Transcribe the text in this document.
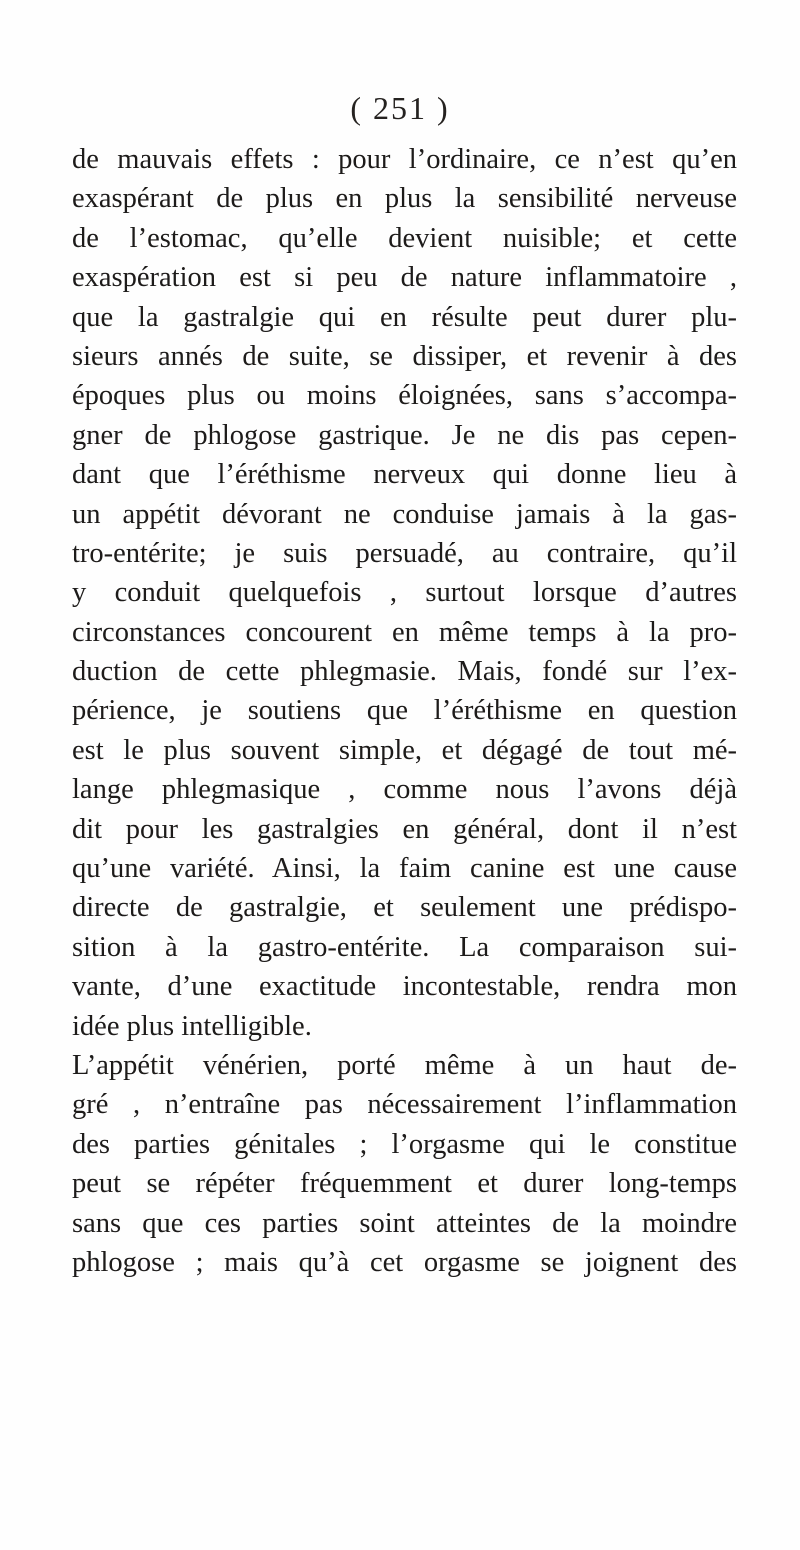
( 251 )
de mauvais effets : pour l’ordinaire, ce n’est qu’en
exaspérant de plus en plus la sensibilité nerveuse
de l’estomac, qu’elle devient nuisible; et cette
exaspération est si peu de nature inflammatoire ,
que la gastralgie qui en résulte peut durer plu-
sieurs annés de suite, se dissiper, et revenir à des
époques plus ou moins éloignées, sans s’accompa-
gner de phlogose gastrique. Je ne dis pas cepen-
dant que l’éréthisme nerveux qui donne lieu à
un appétit dévorant ne conduise jamais à la gas-
tro-entérite; je suis persuadé, au contraire, qu’il
y conduit quelquefois , surtout lorsque d’autres
circonstances concourent en même temps à la pro-
duction de cette phlegmasie. Mais, fondé sur l’ex-
périence, je soutiens que l’éréthisme en question
est le plus souvent simple, et dégagé de tout mé-
lange phlegmasique , comme nous l’avons déjà
dit pour les gastralgies en général, dont il n’est
qu’une variété. Ainsi, la faim canine est une cause
directe de gastralgie, et seulement une prédispo-
sition à la gastro-entérite. La comparaison sui-
vante, d’une exactitude incontestable, rendra mon
idée plus intelligible.
L’appétit vénérien, porté même à un haut de-
gré , n’entraîne pas nécessairement l’inflammation
des parties génitales ; l’orgasme qui le constitue
peut se répéter fréquemment et durer long-temps
sans que ces parties soint atteintes de la moindre
phlogose ; mais qu’à cet orgasme se joignent des
